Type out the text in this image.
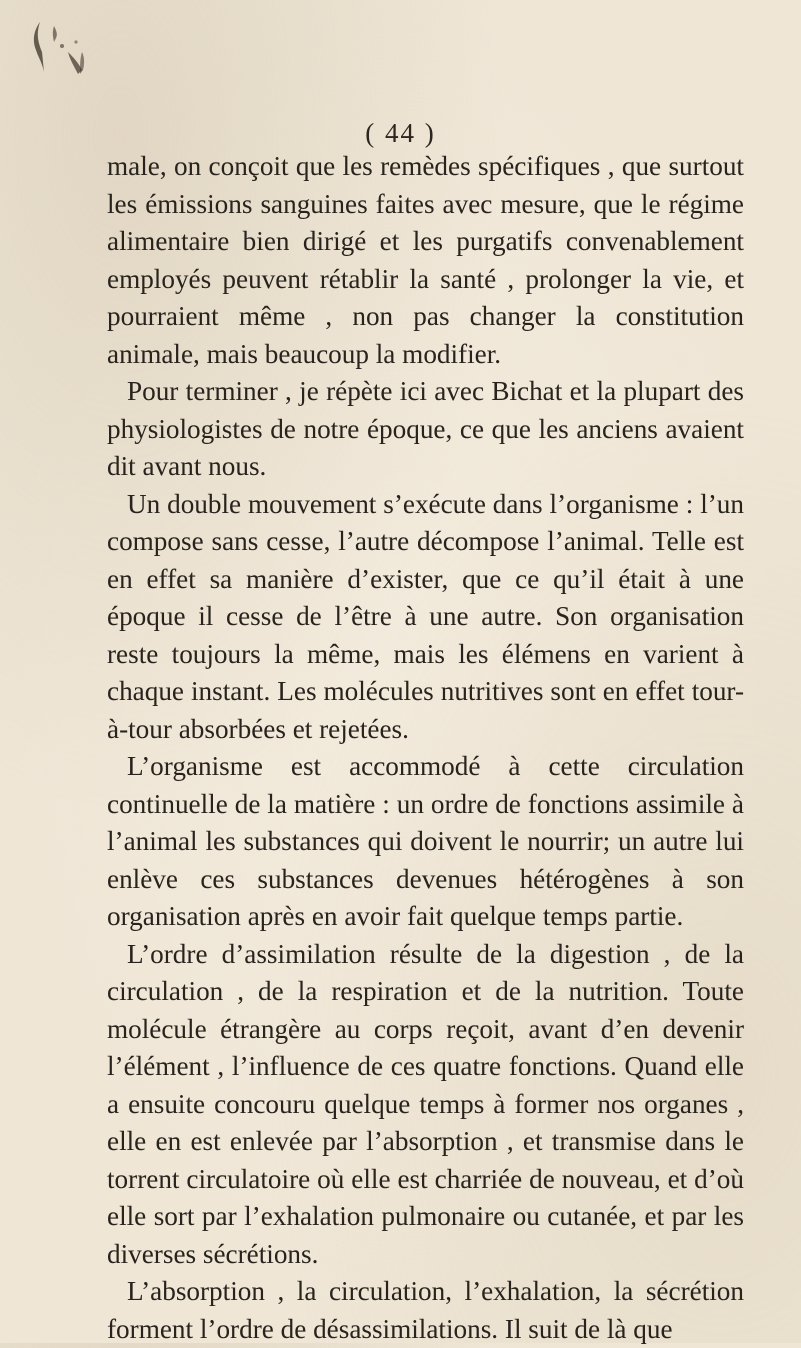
( 44 )

male, on conçoit que les remèdes spécifiques , que surtout les émissions sanguines faites avec mesure, que le régime alimentaire bien dirigé et les purgatifs convenablement employés peuvent rétablir la santé , prolonger la vie, et pourraient même , non pas changer la constitution animale, mais beaucoup la modifier.

Pour terminer , je répète ici avec Bichat et la plupart des physiologistes de notre époque, ce que les anciens avaient dit avant nous.

Un double mouvement s’exécute dans l’organisme : l’un compose sans cesse, l’autre décompose l’animal. Telle est en effet sa manière d’exister, que ce qu’il était à une époque il cesse de l’être à une autre. Son organisation reste toujours la même, mais les élémens en varient à chaque instant. Les molécules nutritives sont en effet tour-à-tour absorbées et rejetées.

L’organisme est accommodé à cette circulation continuelle de la matière : un ordre de fonctions assimile à l’animal les substances qui doivent le nourrir; un autre lui enlève ces substances devenues hétérogènes à son organisation après en avoir fait quelque temps partie.

L’ordre d’assimilation résulte de la digestion , de la circulation , de la respiration et de la nutrition. Toute molécule étrangère au corps reçoit, avant d’en devenir l’élément , l’influence de ces quatre fonctions. Quand elle a ensuite concouru quelque temps à former nos organes , elle en est enlevée par l’absorption , et transmise dans le torrent circulatoire où elle est charriée de nouveau, et d’où elle sort par l’exhalation pulmonaire ou cutanée, et par les diverses sécrétions.

L’absorption , la circulation, l’exhalation, la sécrétion forment l’ordre de désassimilations. Il suit de là que
